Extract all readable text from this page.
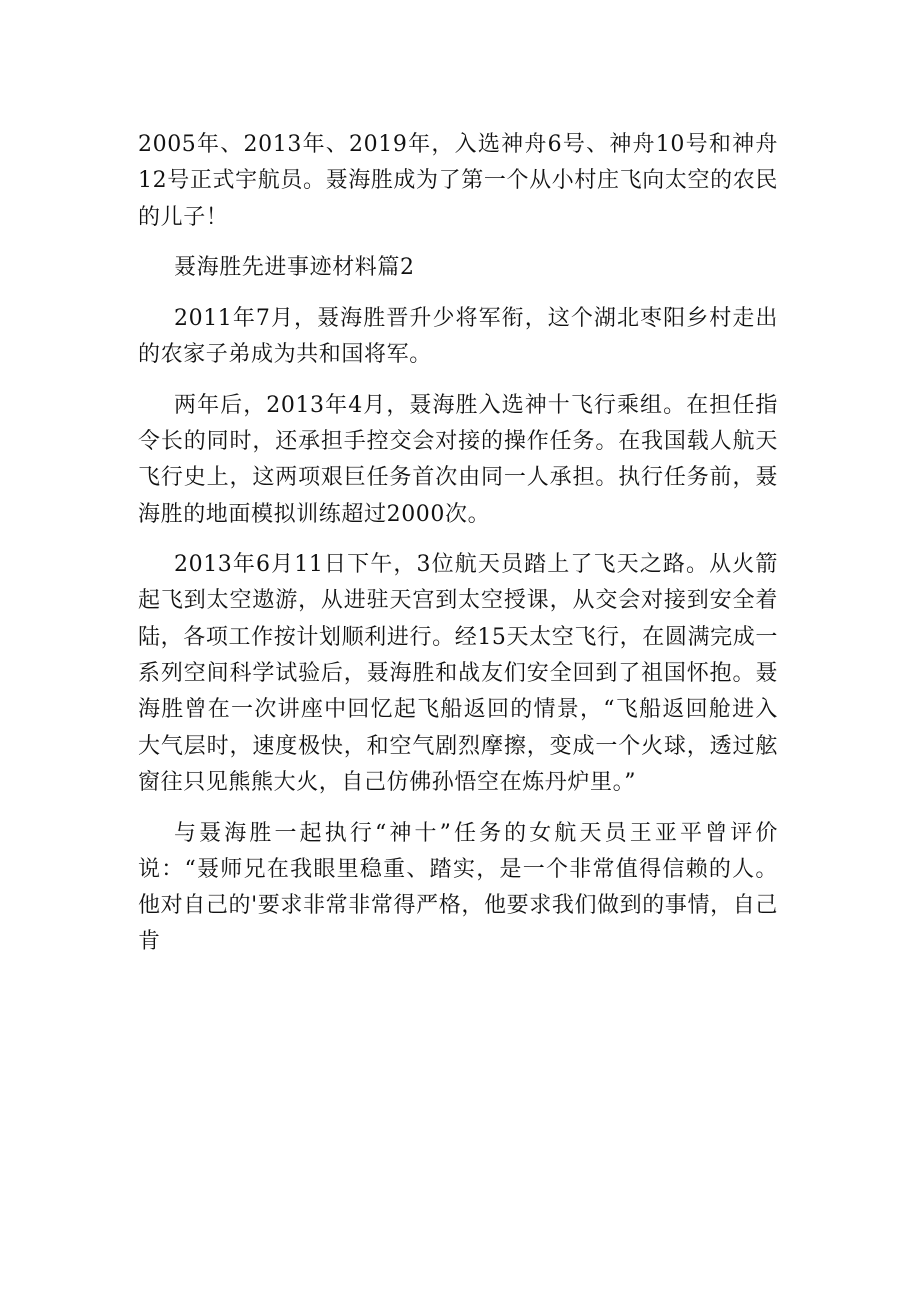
2005年、2013年、2019年，入选神舟6号、神舟10号和神舟12号正式宇航员。聂海胜成为了第一个从小村庄飞向太空的农民的儿子！

聂海胜先进事迹材料篇2

2011年7月，聂海胜晋升少将军衔，这个湖北枣阳乡村走出的农家子弟成为共和国将军。

两年后，2013年4月，聂海胜入选神十飞行乘组。在担任指令长的同时，还承担手控交会对接的操作任务。在我国载人航天飞行史上，这两项艰巨任务首次由同一人承担。执行任务前，聂海胜的地面模拟训练超过2000次。

2013年6月11日下午，3位航天员踏上了飞天之路。从火箭起飞到太空遨游，从进驻天宫到太空授课，从交会对接到安全着陆，各项工作按计划顺利进行。经15天太空飞行，在圆满完成一系列空间科学试验后，聂海胜和战友们安全回到了祖国怀抱。聂海胜曾在一次讲座中回忆起飞船返回的情景，“飞船返回舱进入大气层时，速度极快，和空气剧烈摩擦，变成一个火球，透过舷窗往只见熊熊大火，自己仿佛孙悟空在炼丹炉里。”

与聂海胜一起执行“神十”任务的女航天员王亚平曾评价说：“聂师兄在我眼里稳重、踏实，是一个非常值得信赖的人。他对自己的'要求非常非常得严格，他要求我们做到的事情，自己肯
